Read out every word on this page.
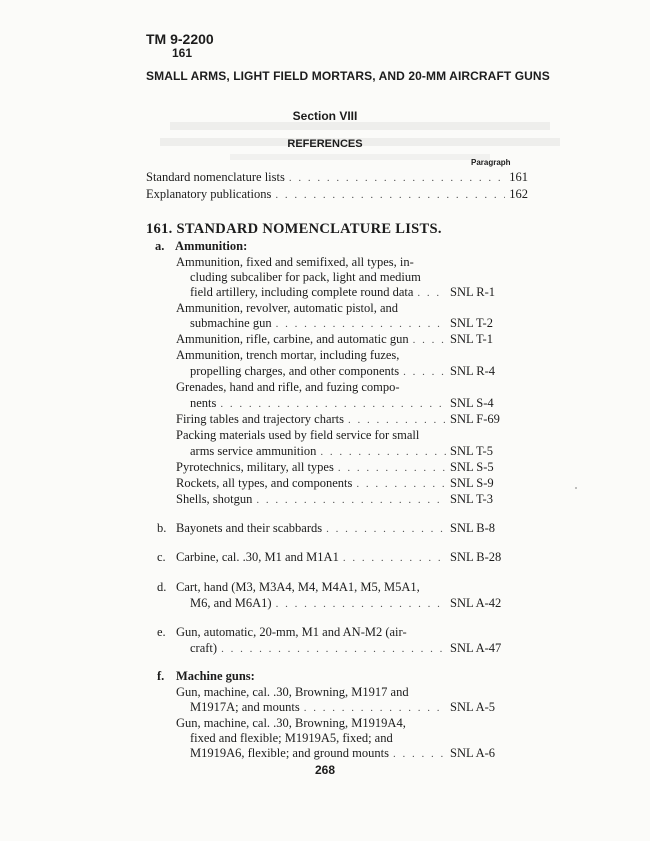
TM 9-2200
161
SMALL ARMS, LIGHT FIELD MORTARS, AND 20-MM AIRCRAFT GUNS
Section VIII
REFERENCES
Paragraph
Standard nomenclature lists . . .	161
Explanatory publications . . .	162
161. STANDARD NOMENCLATURE LISTS.
a. Ammunition:
Ammunition, fixed and semifixed, all types, in-
cluding subcaliber for pack, light and medium
field artillery, including complete round data . . .	SNL R-1
Ammunition, revolver, automatic pistol, and
submachine gun . . .	SNL T-2
Ammunition, rifle, carbine, and automatic gun . . .	SNL T-1
Ammunition, trench mortar, including fuzes,
propelling charges, and other components . . .	SNL R-4
Grenades, hand and rifle, and fuzing compo-
nents . . .	SNL S-4
Firing tables and trajectory charts . . .	SNL F-69
Packing materials used by field service for small
arms service ammunition . . .	SNL T-5
Pyrotechnics, military, all types . . .	SNL S-5
Rockets, all types, and components . . .	SNL S-9
Shells, shotgun . . .	SNL T-3
b. Bayonets and their scabbards . . .	SNL B-8
c. Carbine, cal. .30, M1 and M1A1 . . .	SNL B-28
d. Cart, hand (M3, M3A4, M4, M4A1, M5, M5A1,
M6, and M6A1) . . .	SNL A-42
e. Gun, automatic, 20-mm, M1 and AN-M2 (air-
craft) . . .	SNL A-47
f. Machine guns:
Gun, machine, cal. .30, Browning, M1917 and
M1917A; and mounts . . .	SNL A-5
Gun, machine, cal. .30, Browning, M1919A4,
fixed and flexible; M1919A5, fixed; and
M1919A6, flexible; and ground mounts . . .	SNL A-6
268
